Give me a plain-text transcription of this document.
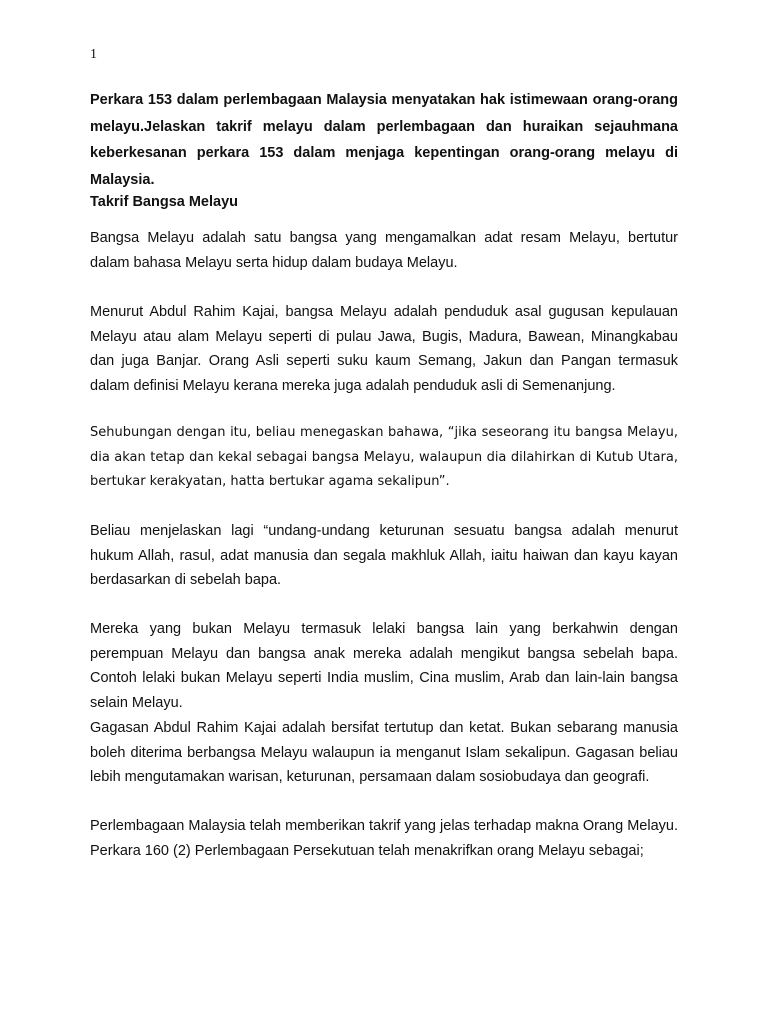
1

Perkara 153 dalam perlembagaan Malaysia menyatakan hak istimewaan orang-orang melayu.Jelaskan takrif melayu dalam perlembagaan dan huraikan sejauhmana keberkesanan perkara 153 dalam menjaga kepentingan orang-orang melayu di Malaysia.

Takrif Bangsa Melayu

Bangsa Melayu adalah satu bangsa yang mengamalkan adat resam Melayu, bertutur dalam bahasa Melayu serta hidup dalam budaya Melayu.

Menurut Abdul Rahim Kajai, bangsa Melayu adalah penduduk asal gugusan kepulauan Melayu atau alam Melayu seperti di pulau Jawa, Bugis, Madura, Bawean, Minangkabau dan juga Banjar. Orang Asli seperti suku kaum Semang, Jakun dan Pangan termasuk dalam definisi Melayu kerana mereka juga adalah penduduk asli di Semenanjung.

Sehubungan dengan itu, beliau menegaskan bahawa, “jika seseorang itu bangsa Melayu, dia akan tetap dan kekal sebagai bangsa Melayu, walaupun dia dilahirkan di Kutub Utara, bertukar kerakyatan, hatta bertukar agama sekalipun”.

Beliau menjelaskan lagi “undang-undang keturunan sesuatu bangsa adalah menurut hukum Allah, rasul, adat manusia dan segala makhluk Allah, iaitu haiwan dan kayu kayan berdasarkan di sebelah bapa.

Mereka yang bukan Melayu termasuk lelaki bangsa lain yang berkahwin dengan perempuan Melayu dan bangsa anak mereka adalah mengikut bangsa sebelah bapa. Contoh lelaki bukan Melayu seperti India muslim, Cina muslim, Arab dan lain-lain bangsa selain Melayu.

Gagasan Abdul Rahim Kajai adalah bersifat tertutup dan ketat. Bukan sebarang manusia boleh diterima berbangsa Melayu walaupun ia menganut Islam sekalipun. Gagasan beliau lebih mengutamakan warisan, keturunan, persamaan dalam sosiobudaya dan geografi.

Perlembagaan Malaysia telah memberikan takrif yang jelas terhadap makna Orang Melayu. Perkara 160 (2) Perlembagaan Persekutuan telah menakrifkan orang Melayu sebagai;
